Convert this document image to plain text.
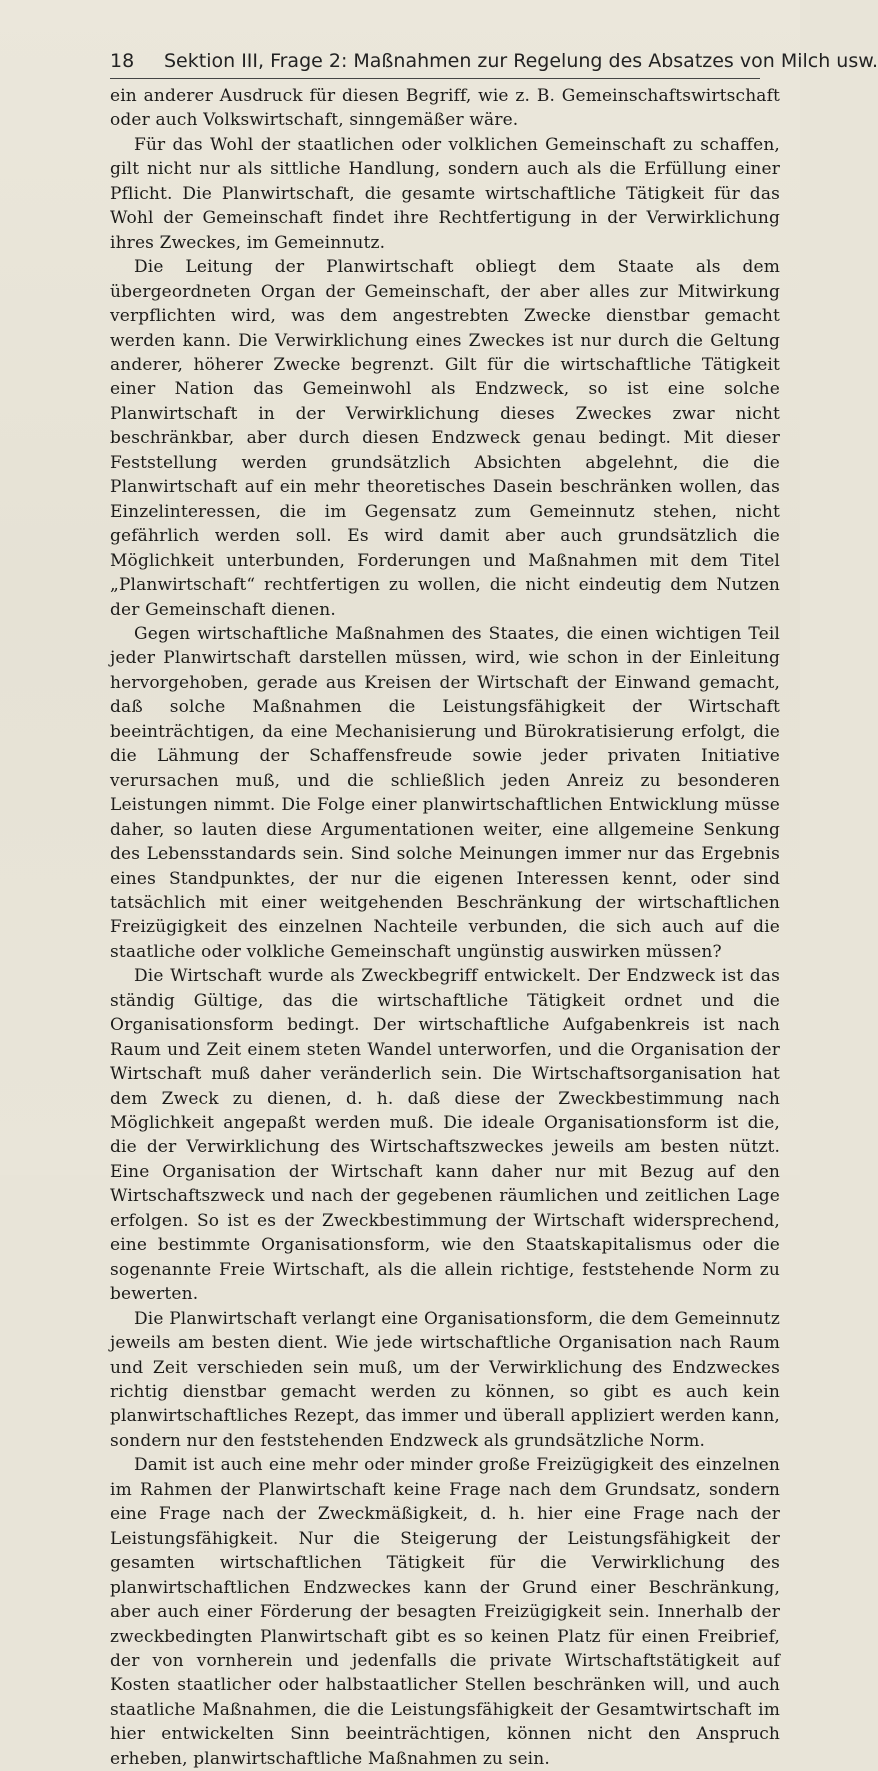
18 Sektion III, Frage 2: Maßnahmen zur Regelung des Absatzes von Milch usw.

ein anderer Ausdruck für diesen Begriff, wie z. B. Gemeinschaftswirtschaft oder auch Volkswirtschaft, sinngemäßer wäre.

Für das Wohl der staatlichen oder volklichen Gemeinschaft zu schaffen, gilt nicht nur als sittliche Handlung, sondern auch als die Erfüllung einer Pflicht. Die Planwirtschaft, die gesamte wirtschaftliche Tätigkeit für das Wohl der Gemeinschaft findet ihre Rechtfertigung in der Verwirklichung ihres Zweckes, im Gemeinnutz.

Die Leitung der Planwirtschaft obliegt dem Staate als dem übergeordneten Organ der Gemeinschaft, der aber alles zur Mitwirkung verpflichten wird, was dem angestrebten Zwecke dienstbar gemacht werden kann. Die Verwirklichung eines Zweckes ist nur durch die Geltung anderer, höherer Zwecke begrenzt. Gilt für die wirtschaftliche Tätigkeit einer Nation das Gemeinwohl als Endzweck, so ist eine solche Planwirtschaft in der Verwirklichung dieses Zweckes zwar nicht beschränkbar, aber durch diesen Endzweck genau bedingt. Mit dieser Feststellung werden grundsätzlich Absichten abgelehnt, die die Planwirtschaft auf ein mehr theoretisches Dasein beschränken wollen, das Einzelinteressen, die im Gegensatz zum Gemeinnutz stehen, nicht gefährlich werden soll. Es wird damit aber auch grundsätzlich die Möglichkeit unterbunden, Forderungen und Maßnahmen mit dem Titel „Planwirtschaft“ rechtfertigen zu wollen, die nicht eindeutig dem Nutzen der Gemeinschaft dienen.

Gegen wirtschaftliche Maßnahmen des Staates, die einen wichtigen Teil jeder Planwirtschaft darstellen müssen, wird, wie schon in der Einleitung hervorgehoben, gerade aus Kreisen der Wirtschaft der Einwand gemacht, daß solche Maßnahmen die Leistungsfähigkeit der Wirtschaft beeinträchtigen, da eine Mechanisierung und Bürokratisierung erfolgt, die die Lähmung der Schaffensfreude sowie jeder privaten Initiative verursachen muß, und die schließlich jeden Anreiz zu besonderen Leistungen nimmt. Die Folge einer planwirtschaftlichen Entwicklung müsse daher, so lauten diese Argumentationen weiter, eine allgemeine Senkung des Lebensstandards sein. Sind solche Meinungen immer nur das Ergebnis eines Standpunktes, der nur die eigenen Interessen kennt, oder sind tatsächlich mit einer weitgehenden Beschränkung der wirtschaftlichen Freizügigkeit des einzelnen Nachteile verbunden, die sich auch auf die staatliche oder volkliche Gemeinschaft ungünstig auswirken müssen?

Die Wirtschaft wurde als Zweckbegriff entwickelt. Der Endzweck ist das ständig Gültige, das die wirtschaftliche Tätigkeit ordnet und die Organisationsform bedingt. Der wirtschaftliche Aufgabenkreis ist nach Raum und Zeit einem steten Wandel unterworfen, und die Organisation der Wirtschaft muß daher veränderlich sein. Die Wirtschaftsorganisation hat dem Zweck zu dienen, d. h. daß diese der Zweckbestimmung nach Möglichkeit angepaßt werden muß. Die ideale Organisationsform ist die, die der Verwirklichung des Wirtschaftszweckes jeweils am besten nützt. Eine Organisation der Wirtschaft kann daher nur mit Bezug auf den Wirtschaftszweck und nach der gegebenen räumlichen und zeitlichen Lage erfolgen. So ist es der Zweckbestimmung der Wirtschaft widersprechend, eine bestimmte Organisationsform, wie den Staatskapitalismus oder die sogenannte Freie Wirtschaft, als die allein richtige, feststehende Norm zu bewerten.

Die Planwirtschaft verlangt eine Organisationsform, die dem Gemeinnutz jeweils am besten dient. Wie jede wirtschaftliche Organisation nach Raum und Zeit verschieden sein muß, um der Verwirklichung des Endzweckes richtig dienstbar gemacht werden zu können, so gibt es auch kein planwirtschaftliches Rezept, das immer und überall appliziert werden kann, sondern nur den feststehenden Endzweck als grundsätzliche Norm.

Damit ist auch eine mehr oder minder große Freizügigkeit des einzelnen im Rahmen der Planwirtschaft keine Frage nach dem Grundsatz, sondern eine Frage nach der Zweckmäßigkeit, d. h. hier eine Frage nach der Leistungsfähigkeit. Nur die Steigerung der Leistungsfähigkeit der gesamten wirtschaftlichen Tätigkeit für die Verwirklichung des planwirtschaftlichen Endzweckes kann der Grund einer Beschränkung, aber auch einer Förderung der besagten Freizügigkeit sein. Innerhalb der zweckbedingten Planwirtschaft gibt es so keinen Platz für einen Freibrief, der von vornherein und jedenfalls die private Wirtschaftstätigkeit auf Kosten staatlicher oder halbstaatlicher Stellen beschränken will, und auch staatliche Maßnahmen, die die Leistungsfähigkeit der Gesamtwirtschaft im hier entwickelten Sinn beeinträchtigen, können nicht den Anspruch erheben, planwirtschaftliche Maßnahmen zu sein.
